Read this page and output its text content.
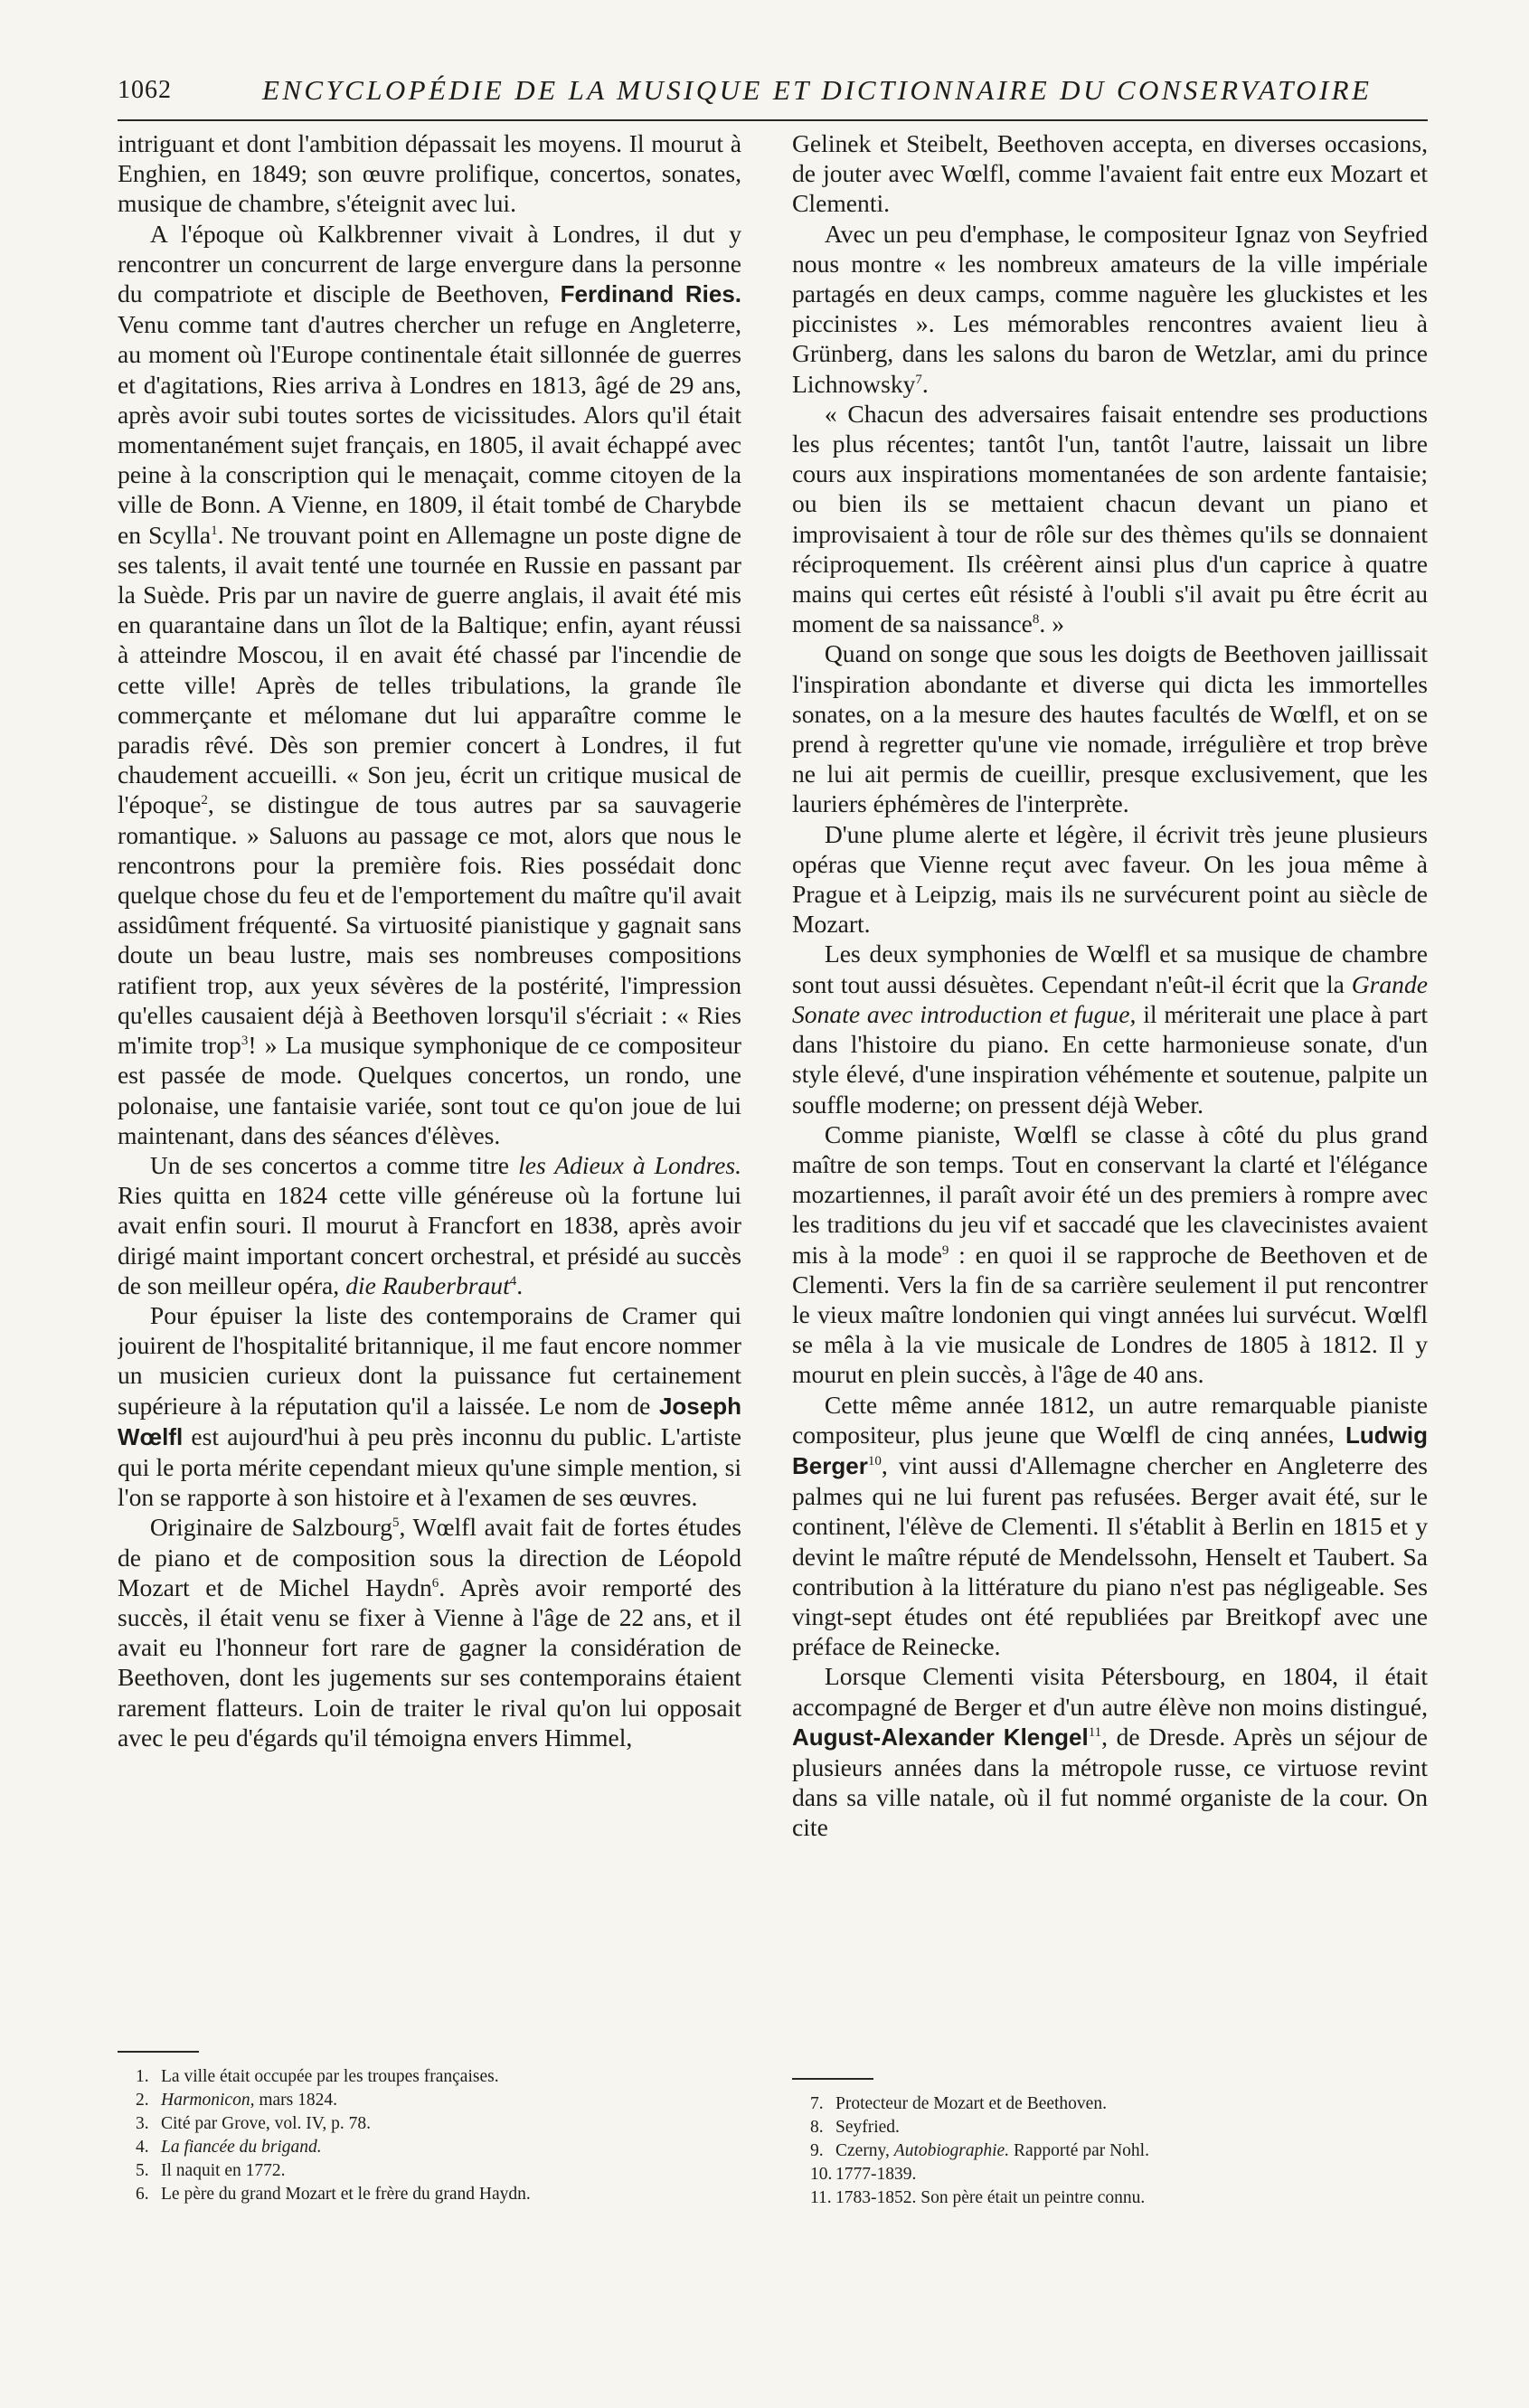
1062	ENCYCLOPÉDIE DE LA MUSIQUE ET DICTIONNAIRE DU CONSERVATOIRE

intriguant et dont l'ambition dépassait les moyens. Il mourut à Enghien, en 1849; son œuvre prolifique, concertos, sonates, musique de chambre, s'éteignit avec lui.

A l'époque où Kalkbrenner vivait à Londres, il dut y rencontrer un concurrent de large envergure dans la personne du compatriote et disciple de Beethoven, Ferdinand Ries. Venu comme tant d'autres chercher un refuge en Angleterre, au moment où l'Europe continentale était sillonnée de guerres et d'agitations, Ries arriva à Londres en 1813, âgé de 29 ans, après avoir subi toutes sortes de vicissitudes. Alors qu'il était momentanément sujet français, en 1805, il avait échappé avec peine à la conscription qui le menaçait, comme citoyen de la ville de Bonn. A Vienne, en 1809, il était tombé de Charybde en Scylla$^1$. Ne trouvant point en Allemagne un poste digne de ses talents, il avait tenté une tournée en Russie en passant par la Suède. Pris par un navire de guerre anglais, il avait été mis en quarantaine dans un îlot de la Baltique; enfin, ayant réussi à atteindre Moscou, il en avait été chassé par l'incendie de cette ville! Après de telles tribulations, la grande île commerçante et mélomane dut lui apparaître comme le paradis rêvé. Dès son premier concert à Londres, il fut chaudement accueilli. « Son jeu, écrit un critique musical de l'époque$^2$, se distingue de tous autres par sa sauvagerie romantique. » Saluons au passage ce mot, alors que nous le rencontrons pour la première fois. Ries possédait donc quelque chose du feu et de l'emportement du maître qu'il avait assidûment fréquenté. Sa virtuosité pianistique y gagnait sans doute un beau lustre, mais ses nombreuses compositions ratifient trop, aux yeux sévères de la postérité, l'impression qu'elles causaient déjà à Beethoven lorsqu'il s'écriait : « Ries m'imite trop$^3$! » La musique symphonique de ce compositeur est passée de mode. Quelques concertos, un rondo, une polonaise, une fantaisie variée, sont tout ce qu'on joue de lui maintenant, dans des séances d'élèves.

Un de ses concertos a comme titre les Adieux à Londres. Ries quitta en 1824 cette ville généreuse où la fortune lui avait enfin souri. Il mourut à Francfort en 1838, après avoir dirigé maint important concert orchestral, et présidé au succès de son meilleur opéra, die Rauberbraut$^4$.

Pour épuiser la liste des contemporains de Cramer qui jouirent de l'hospitalité britannique, il me faut encore nommer un musicien curieux dont la puissance fut certainement supérieure à la réputation qu'il a laissée. Le nom de Joseph Wœlfl est aujourd'hui à peu près inconnu du public. L'artiste qui le porta mérite cependant mieux qu'une simple mention, si l'on se rapporte à son histoire et à l'examen de ses œuvres.

Originaire de Salzbourg$^5$, Wœlfl avait fait de fortes études de piano et de composition sous la direction de Léopold Mozart et de Michel Haydn$^6$. Après avoir remporté des succès, il était venu se fixer à Vienne à l'âge de 22 ans, et il avait eu l'honneur fort rare de gagner la considération de Beethoven, dont les jugements sur ses contemporains étaient rarement flatteurs. Loin de traiter le rival qu'on lui opposait avec le peu d'égards qu'il témoigna envers Himmel,

Gelinek et Steibelt, Beethoven accepta, en diverses occasions, de jouter avec Wœlfl, comme l'avaient fait entre eux Mozart et Clementi.

Avec un peu d'emphase, le compositeur Ignaz von Seyfried nous montre « les nombreux amateurs de la ville impériale partagés en deux camps, comme naguère les gluckistes et les piccinistes ». Les mémorables rencontres avaient lieu à Grünberg, dans les salons du baron de Wetzlar, ami du prince Lichnowsky$^7$.

« Chacun des adversaires faisait entendre ses productions les plus récentes; tantôt l'un, tantôt l'autre, laissait un libre cours aux inspirations momentanées de son ardente fantaisie; ou bien ils se mettaient chacun devant un piano et improvisaient à tour de rôle sur des thèmes qu'ils se donnaient réciproquement. Ils créèrent ainsi plus d'un caprice à quatre mains qui certes eût résisté à l'oubli s'il avait pu être écrit au moment de sa naissance$^8$. »

Quand on songe que sous les doigts de Beethoven jaillissait l'inspiration abondante et diverse qui dicta les immortelles sonates, on a la mesure des hautes facultés de Wœlfl, et on se prend à regretter qu'une vie nomade, irrégulière et trop brève ne lui ait permis de cueillir, presque exclusivement, que les lauriers éphémères de l'interprète.

D'une plume alerte et légère, il écrivit très jeune plusieurs opéras que Vienne reçut avec faveur. On les joua même à Prague et à Leipzig, mais ils ne survécurent point au siècle de Mozart.

Les deux symphonies de Wœlfl et sa musique de chambre sont tout aussi désuètes. Cependant n'eût-il écrit que la Grande Sonate avec introduction et fugue, il mériterait une place à part dans l'histoire du piano. En cette harmonieuse sonate, d'un style élevé, d'une inspiration véhémente et soutenue, palpite un souffle moderne; on pressent déjà Weber.

Comme pianiste, Wœlfl se classe à côté du plus grand maître de son temps. Tout en conservant la clarté et l'élégance mozartiennes, il paraît avoir été un des premiers à rompre avec les traditions du jeu vif et saccadé que les clavecinistes avaient mis à la mode$^9$ : en quoi il se rapproche de Beethoven et de Clementi. Vers la fin de sa carrière seulement il put rencontrer le vieux maître londonien qui vingt années lui survécut. Wœlfl se mêla à la vie musicale de Londres de 1805 à 1812. Il y mourut en plein succès, à l'âge de 40 ans.

Cette même année 1812, un autre remarquable pianiste compositeur, plus jeune que Wœlfl de cinq années, Ludwig Berger$^{10}$, vint aussi d'Allemagne chercher en Angleterre des palmes qui ne lui furent pas refusées. Berger avait été, sur le continent, l'élève de Clementi. Il s'établit à Berlin en 1815 et y devint le maître réputé de Mendelssohn, Henselt et Taubert. Sa contribution à la littérature du piano n'est pas négligeable. Ses vingt-sept études ont été republiées par Breitkopf avec une préface de Reinecke.

Lorsque Clementi visita Pétersbourg, en 1804, il était accompagné de Berger et d'un autre élève non moins distingué, August-Alexander Klengel$^{11}$, de Dresde. Après un séjour de plusieurs années dans la métropole russe, ce virtuose revint dans sa ville natale, où il fut nommé organiste de la cour. On cite

1. La ville était occupée par les troupes françaises.
2. Harmonicon, mars 1824.
3. Cité par Grove, vol. IV, p. 78.
4. La fiancée du brigand.
5. Il naquit en 1772.
6. Le père du grand Mozart et le frère du grand Haydn.
7. Protecteur de Mozart et de Beethoven.
8. Seyfried.
9. Czerny, Autobiographie. Rapporté par Nohl.
10. 1777-1839.
11. 1783-1852. Son père était un peintre connu.
